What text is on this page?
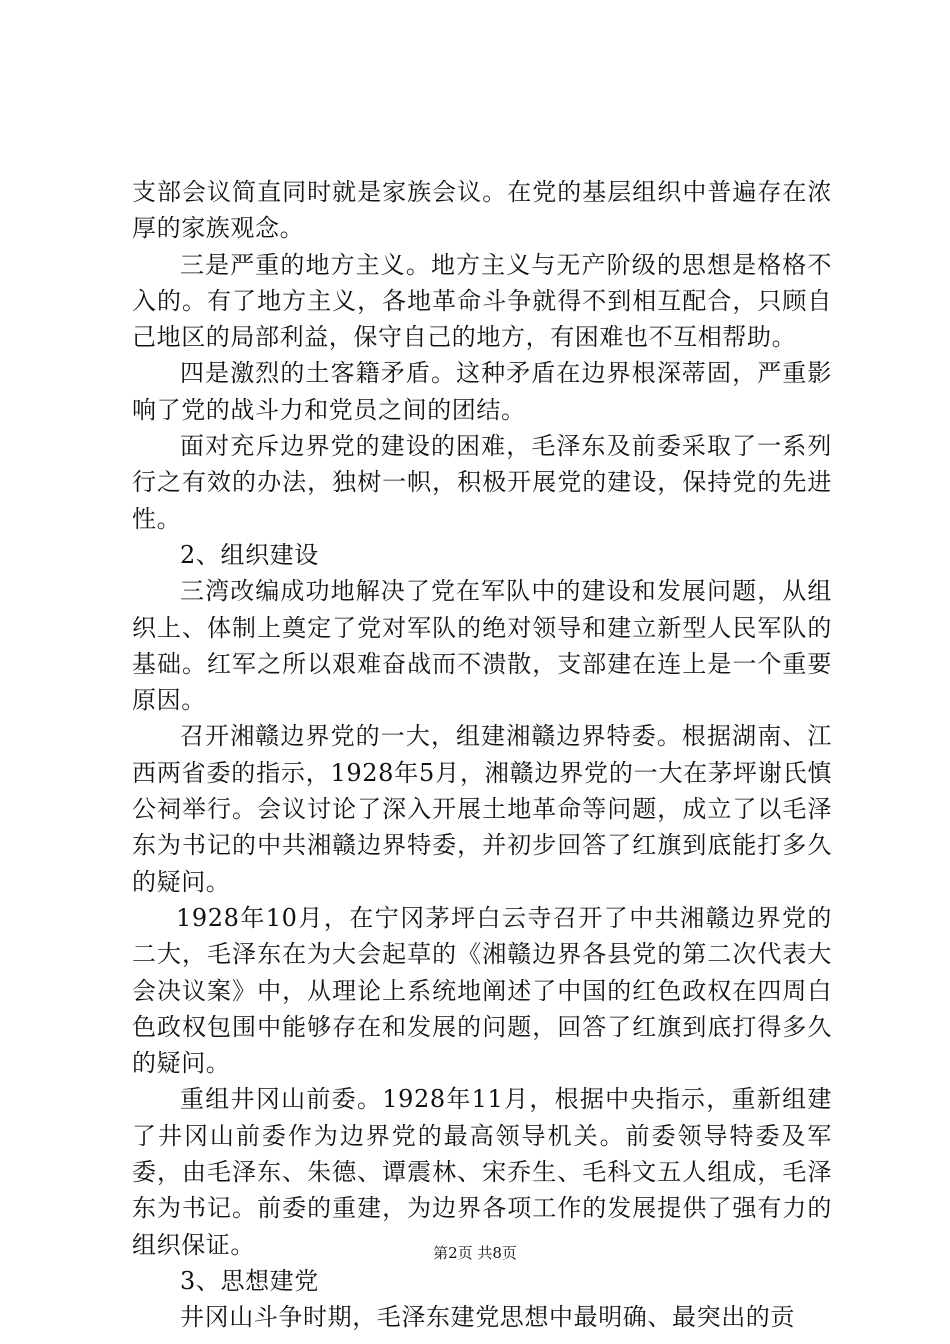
支部会议简直同时就是家族会议。在党的基层组织中普遍存在浓厚的家族观念。

三是严重的地方主义。地方主义与无产阶级的思想是格格不入的。有了地方主义，各地革命斗争就得不到相互配合，只顾自己地区的局部利益，保守自己的地方，有困难也不互相帮助。

四是激烈的土客籍矛盾。这种矛盾在边界根深蒂固，严重影响了党的战斗力和党员之间的团结。

面对充斥边界党的建设的困难，毛泽东及前委采取了一系列行之有效的办法，独树一帜，积极开展党的建设，保持党的先进性。

2、组织建设

三湾改编成功地解决了党在军队中的建设和发展问题，从组织上、体制上奠定了党对军队的绝对领导和建立新型人民军队的基础。红军之所以艰难奋战而不溃散，支部建在连上是一个重要原因。

召开湘赣边界党的一大，组建湘赣边界特委。根据湖南、江西两省委的指示，1928年5月，湘赣边界党的一大在茅坪谢氏慎公祠举行。会议讨论了深入开展土地革命等问题，成立了以毛泽东为书记的中共湘赣边界特委，并初步回答了红旗到底能打多久的疑问。

1928年10月，在宁冈茅坪白云寺召开了中共湘赣边界党的二大，毛泽东在为大会起草的《湘赣边界各县党的第二次代表大会决议案》中，从理论上系统地阐述了中国的红色政权在四周白色政权包围中能够存在和发展的问题，回答了红旗到底打得多久的疑问。

重组井冈山前委。1928年11月，根据中央指示，重新组建了井冈山前委作为边界党的最高领导机关。前委领导特委及军委，由毛泽东、朱德、谭震林、宋乔生、毛科文五人组成，毛泽东为书记。前委的重建，为边界各项工作的发展提供了强有力的组织保证。

3、思想建党

井冈山斗争时期，毛泽东建党思想中最明确、最突出的贡

第2页 共8页
